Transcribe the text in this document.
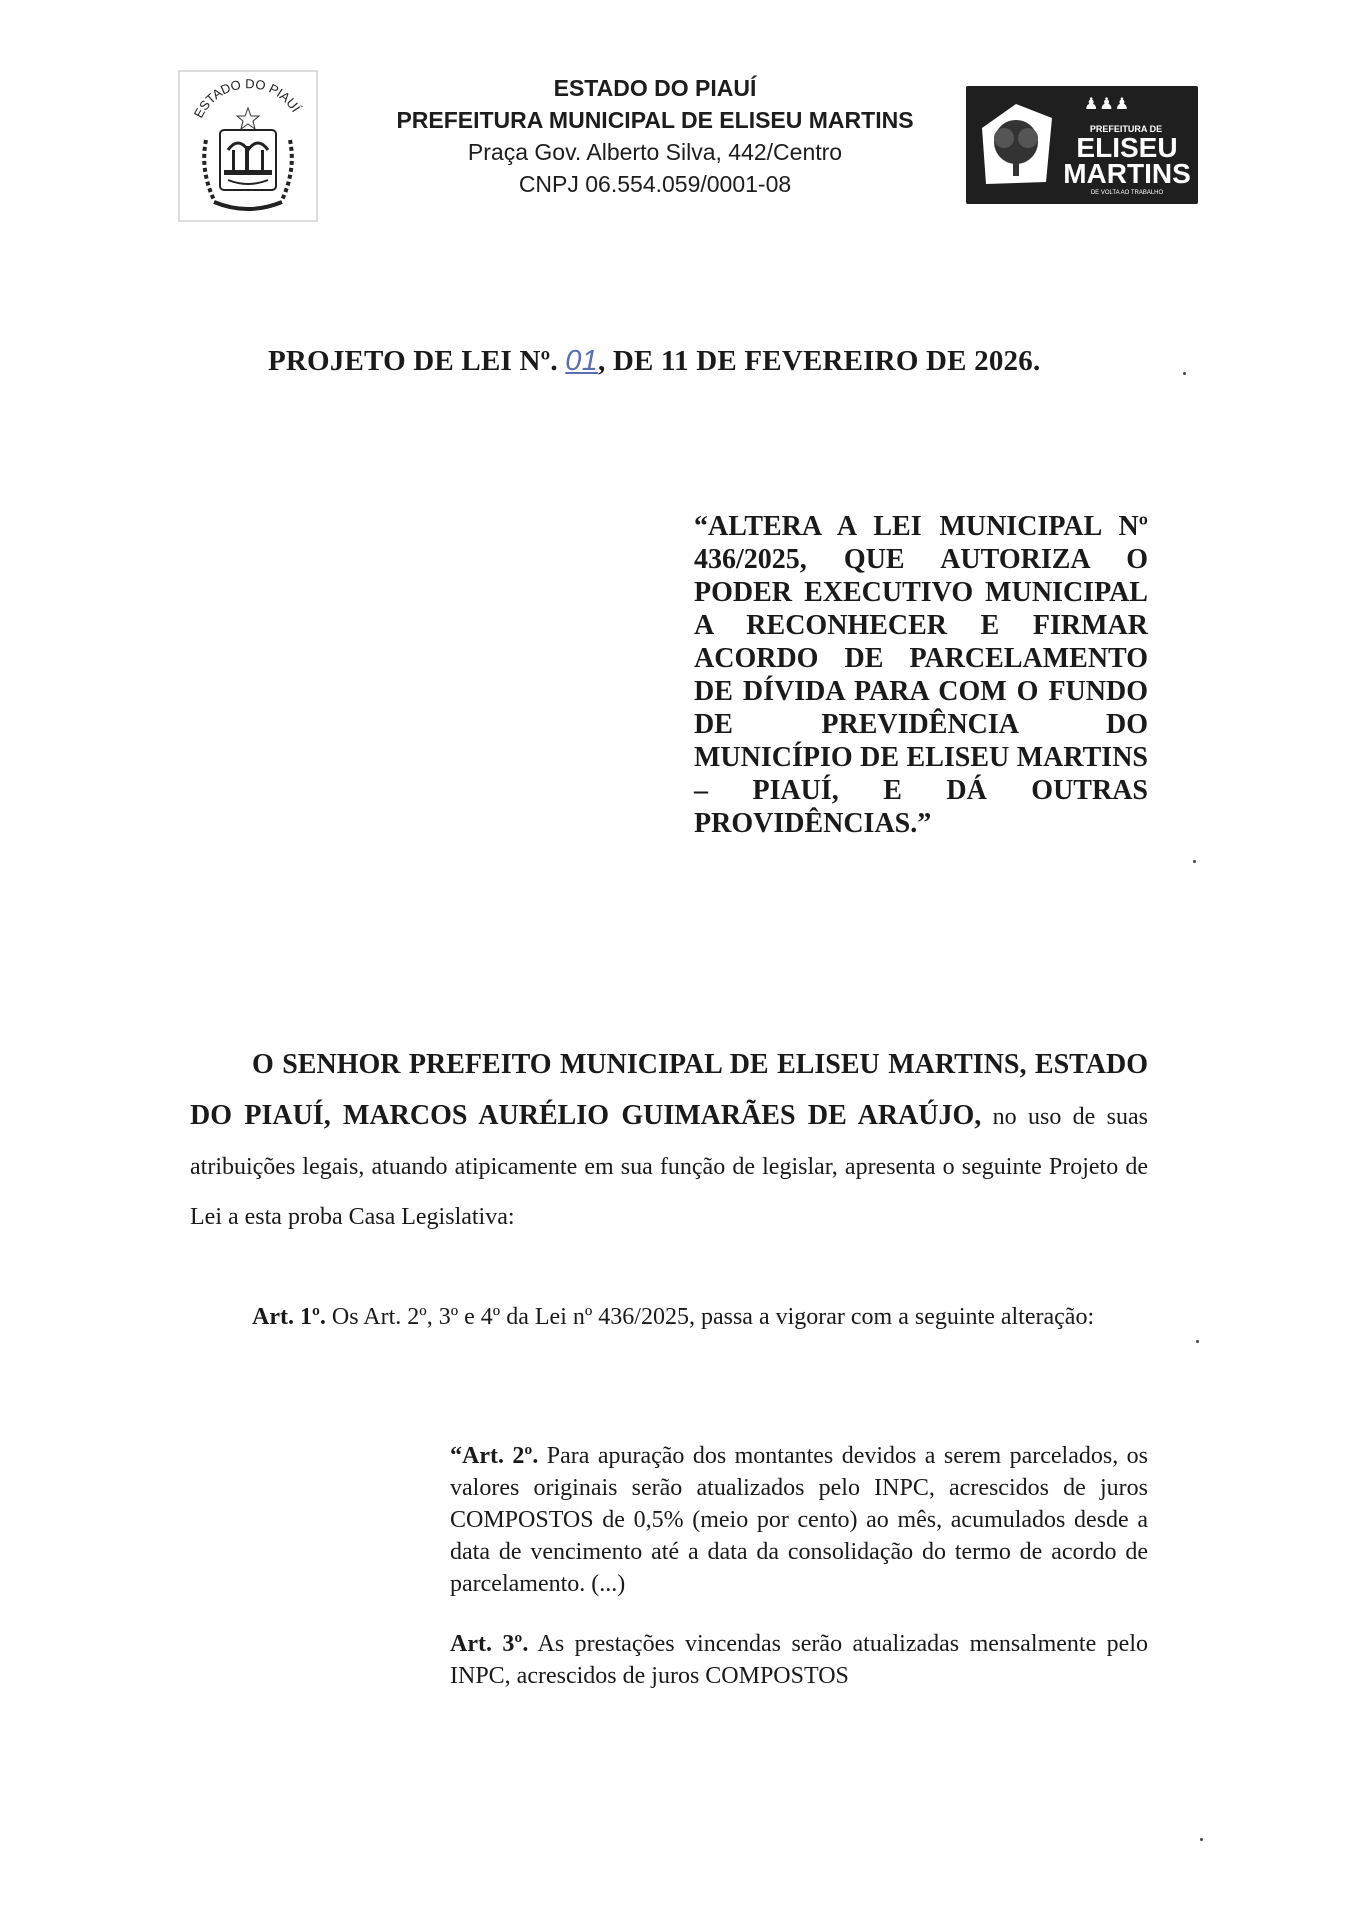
ESTADO DO PIAUÍ
ESTADO DO PIAUÍ
PREFEITURA MUNICIPAL DE ELISEU MARTINS
Praça Gov. Alberto Silva, 442/Centro
CNPJ 06.554.059/0001-08
♟♟♟
PREFEITURA DE
ELISEU
MARTINS
DE VOLTA AO TRABALHO
PROJETO DE LEI Nº. 01, DE 11 DE FEVEREIRO DE 2026.
“ALTERA A LEI MUNICIPAL Nº 436/2025, QUE AUTORIZA O PODER EXECUTIVO MUNICIPAL A RECONHECER E FIRMAR ACORDO DE PARCELAMENTO DE DÍVIDA PARA COM O FUNDO DE PREVIDÊNCIA DO MUNICÍPIO DE ELISEU MARTINS – PIAUÍ, E DÁ OUTRAS
PROVIDÊNCIAS.”
O SENHOR PREFEITO MUNICIPAL DE ELISEU MARTINS, ESTADO DO PIAUÍ, MARCOS AURÉLIO GUIMARÃES DE ARAÚJO, no uso de suas atribuições legais, atuando atipicamente em sua função de legislar, apresenta o seguinte Projeto de Lei a esta proba Casa Legislativa:
Art. 1º. Os Art. 2º, 3º e 4º da Lei nº 436/2025, passa a vigorar com a seguinte alteração:

“Art. 2º. Para apuração dos montantes devidos a serem parcelados, os valores originais serão atualizados pelo INPC, acrescidos de juros COMPOSTOS de 0,5% (meio por cento) ao mês, acumulados desde a data de vencimento até a data da consolidação do termo de acordo de parcelamento. (...)

Art. 3º. As prestações vincendas serão atualizadas mensalmente pelo INPC, acrescidos de juros COMPOSTOS
